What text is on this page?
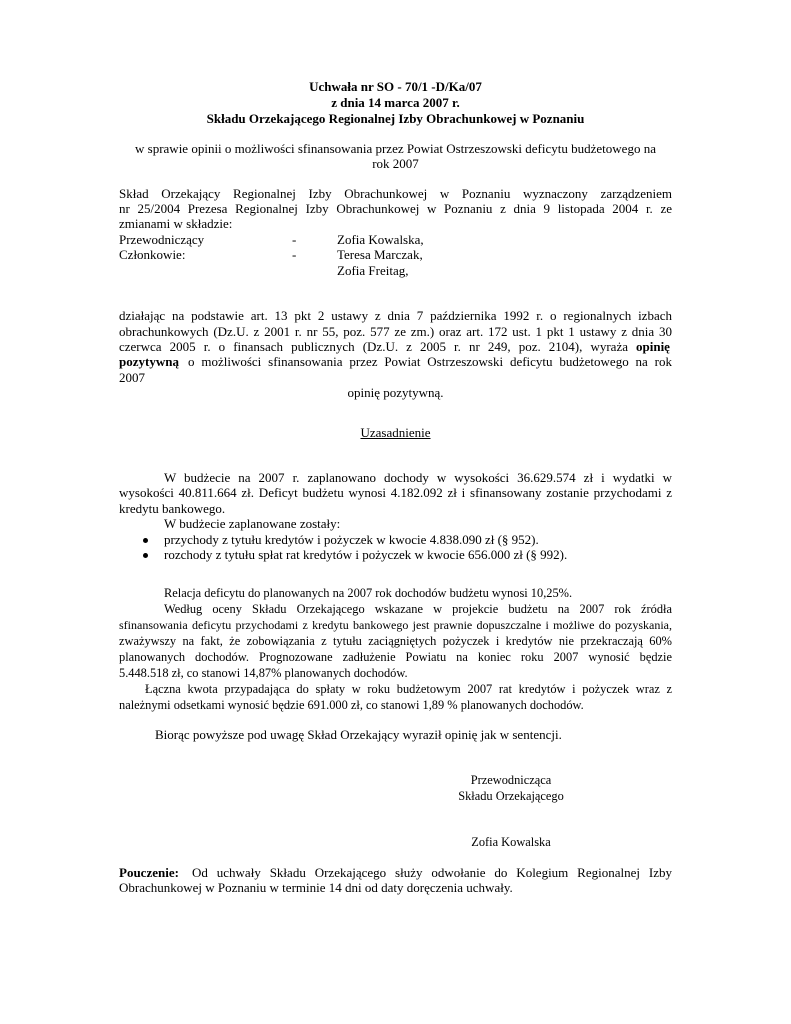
Uchwała nr SO - 70/1 -D/Ka/07
z dnia 14 marca 2007 r.
Składu Orzekającego Regionalnej Izby Obrachunkowej w Poznaniu
w sprawie opinii o możliwości sfinansowania przez Powiat Ostrzeszowski deficytu budżetowego na
rok 2007
Skład Orzekający Regionalnej Izby Obrachunkowej w Poznaniu wyznaczony zarządzeniem
nr 25/2004 Prezesa Regionalnej Izby Obrachunkowej w Poznaniu z dnia 9 listopada 2004 r. ze
zmianami w składzie:
Przewodniczący	-	Zofia Kowalska,
Członkowie:	-	Teresa Marczak,
Zofia Freitag,
działając na podstawie art. 13 pkt 2 ustawy z dnia 7 października 1992 r. o regionalnych izbach
obrachunkowych (Dz.U. z 2001 r. nr 55, poz. 577 ze zm.) oraz art. 172 ust. 1 pkt 1 ustawy z dnia 30
czerwca 2005 r. o finansach publicznych (Dz.U. z 2005 r. nr 249, poz. 2104), wyraża opinię
pozytywną o możliwości sfinansowania przez Powiat Ostrzeszowski deficytu budżetowego na rok
2007
opinię pozytywną.
Uzasadnienie
W budżecie na 2007 r. zaplanowano dochody w wysokości 36.629.574 zł i wydatki w
wysokości 40.811.664 zł. Deficyt budżetu wynosi 4.182.092 zł i sfinansowany zostanie przychodami z
kredytu bankowego.
W budżecie zaplanowane zostały:
przychody z tytułu kredytów i pożyczek w kwocie 4.838.090 zł (§ 952).
rozchody z tytułu spłat rat kredytów i pożyczek w kwocie 656.000 zł (§ 992).
Relacja deficytu do planowanych na 2007 rok dochodów budżetu wynosi 10,25%.
Według oceny Składu Orzekającego wskazane w projekcie budżetu na 2007 rok źródła
sfinansowania deficytu przychodami z kredytu bankowego jest prawnie dopuszczalne i możliwe do pozyskania,
zważywszy na fakt, że zobowiązania z tytułu zaciągniętych pożyczek i kredytów nie przekraczają 60%
planowanych dochodów. Prognozowane zadłużenie Powiatu na koniec roku 2007 wynosić będzie
5.448.518 zł, co stanowi 14,87% planowanych dochodów.
Łączna kwota przypadająca do spłaty w roku budżetowym 2007 rat kredytów i pożyczek wraz z
należnymi odsetkami wynosić będzie 691.000 zł, co stanowi 1,89 % planowanych dochodów.
Biorąc powyższe pod uwagę Skład Orzekający wyraził opinię jak w sentencji.
Przewodnicząca
Składu Orzekającego
Zofia Kowalska
Pouczenie: Od uchwały Składu Orzekającego służy odwołanie do Kolegium Regionalnej Izby
Obrachunkowej w Poznaniu w terminie 14 dni od daty doręczenia uchwały.
